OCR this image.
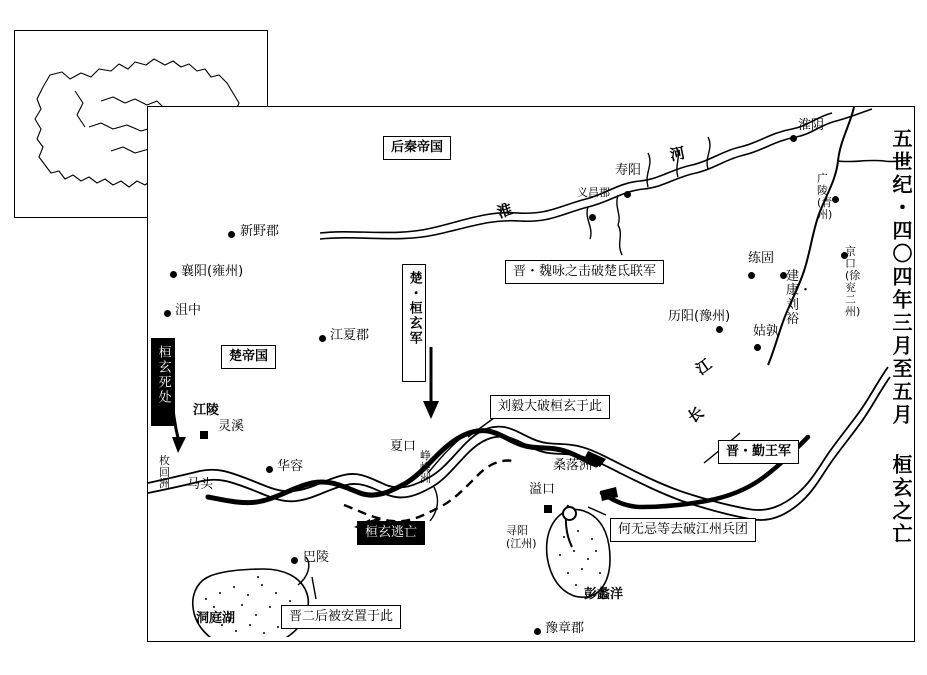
五世纪・四〇四年三月至五月 桓玄之亡
后秦帝国
楚帝国
楚・桓玄军
晋・勤王军
晋・魏咏之击破楚氐联军
刘毅大破桓玄于此
何无忌等去破江州兵团
晋二后被安置于此
桓玄死处
桓玄逃亡
淮阴
寿阳
义昌郡
广陵 (青州)
京口 (徐兖二州)
练固
建康・刘裕
历阳(豫州)
姑孰
新野郡
襄阳(雍州)
沮中
江夏郡
江陵
灵溪
华容
马头
枚回洲
巴陵
夏口
峥嵘洲
桑落洲
溢口
寻阳 (江州)
豫章郡
洞庭湖
彭蠡洋
淮
河
长
江
